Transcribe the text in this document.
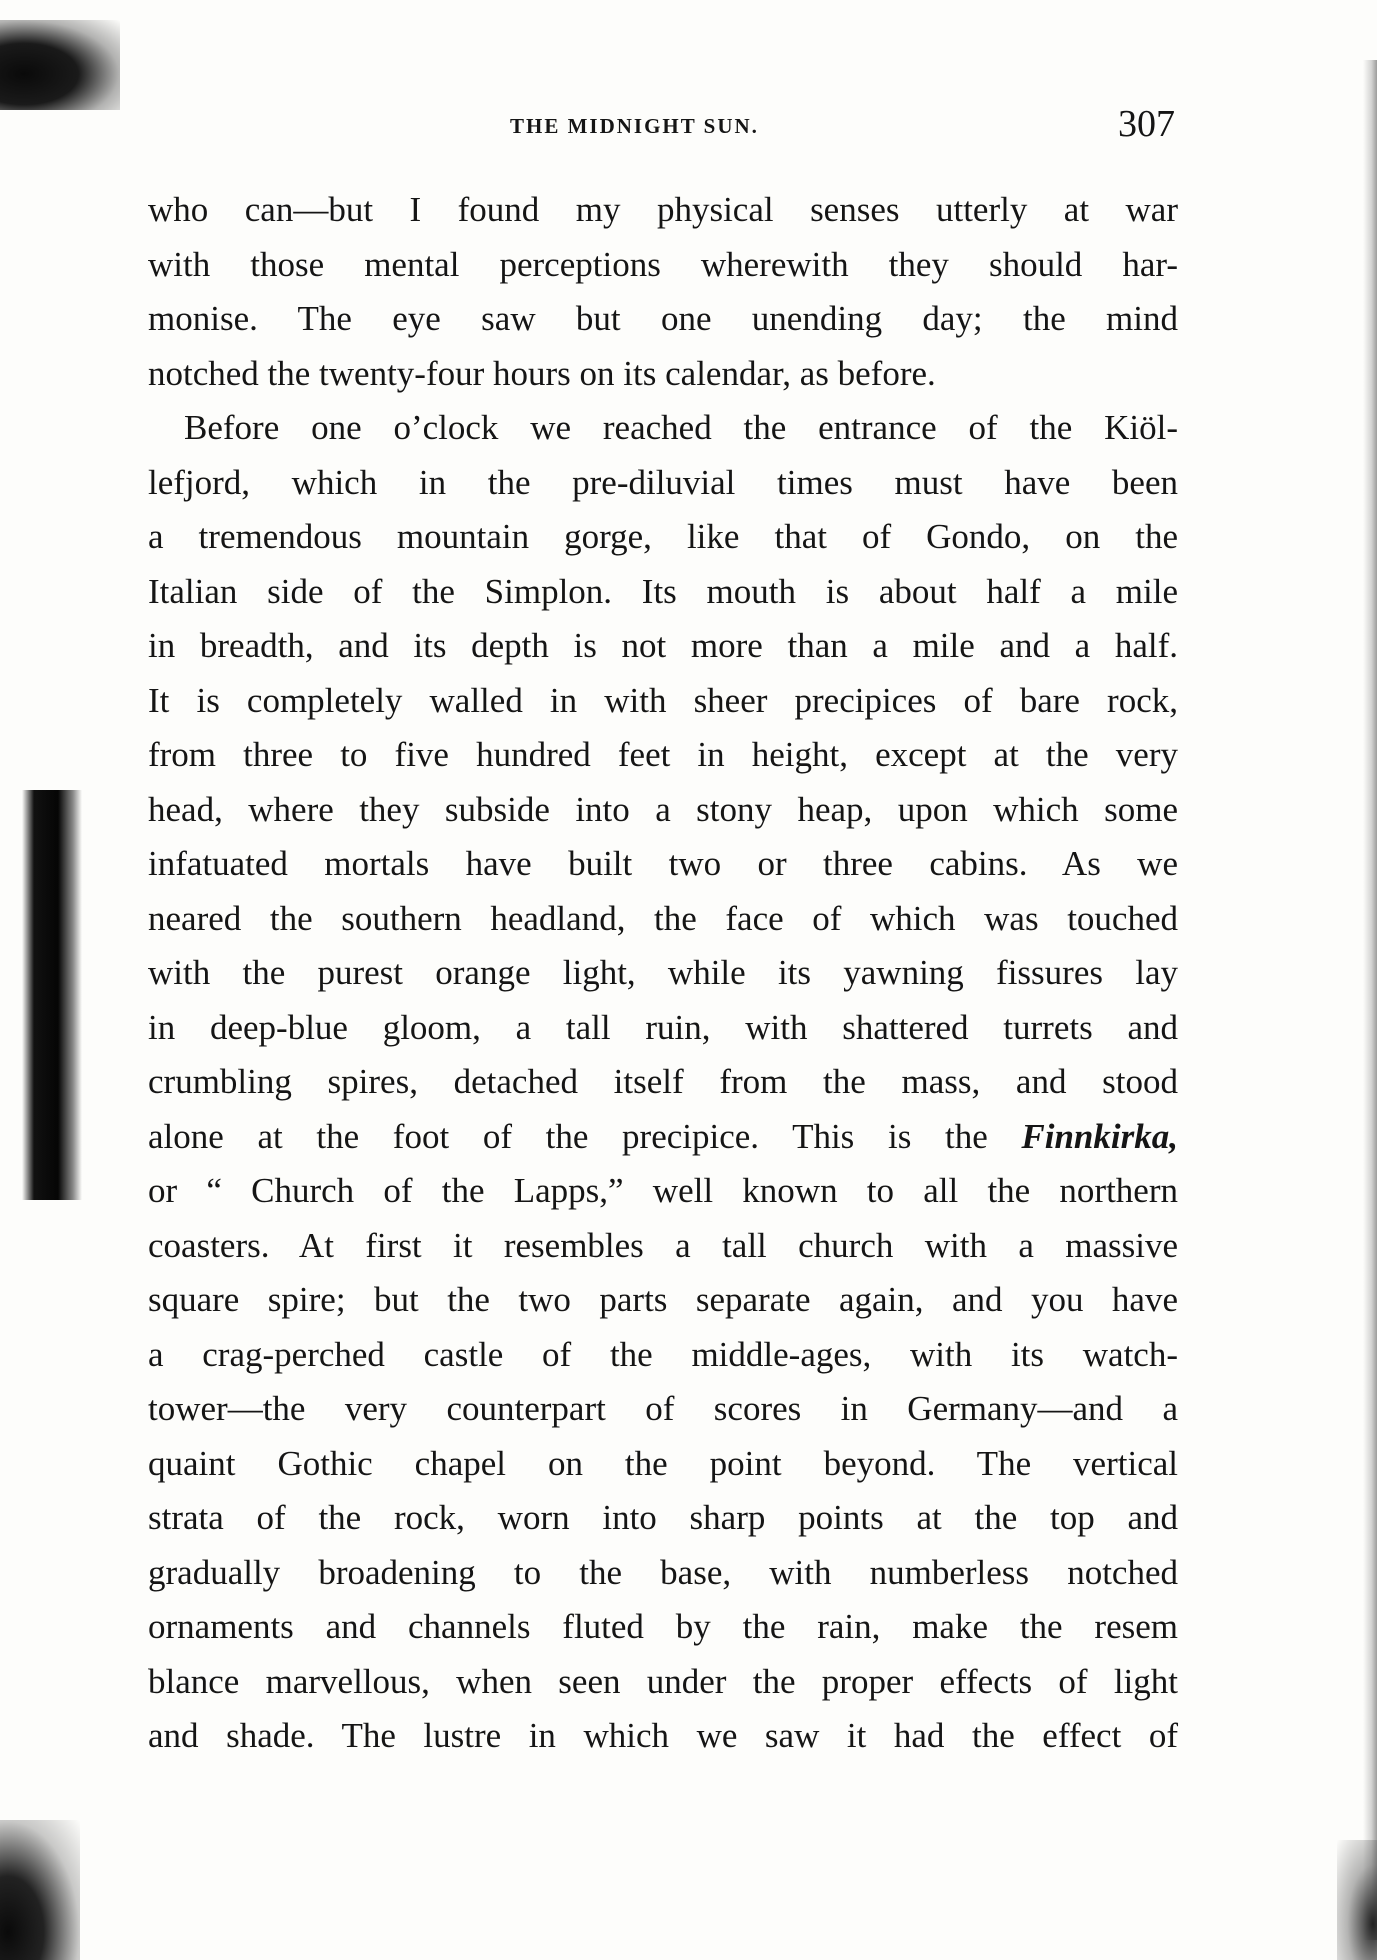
THE MIDNIGHT SUN.	307
who can—but I found my physical senses utterly at war
with those mental perceptions wherewith they should har-
monise. The eye saw but one unending day; the mind
notched the twenty-four hours on its calendar, as before.
Before one o’clock we reached the entrance of the Kiöl-
lefjord, which in the pre-diluvial times must have been
a tremendous mountain gorge, like that of Gondo, on the
Italian side of the Simplon. Its mouth is about half a mile
in breadth, and its depth is not more than a mile and a half.
It is completely walled in with sheer precipices of bare rock,
from three to five hundred feet in height, except at the very
head, where they subside into a stony heap, upon which some
infatuated mortals have built two or three cabins. As we
neared the southern headland, the face of which was touched
with the purest orange light, while its yawning fissures lay
in deep-blue gloom, a tall ruin, with shattered turrets and
crumbling spires, detached itself from the mass, and stood
alone at the foot of the precipice. This is the Finnkirka,
or “ Church of the Lapps,” well known to all the northern
coasters. At first it resembles a tall church with a massive
square spire; but the two parts separate again, and you have
a crag-perched castle of the middle-ages, with its watch-
tower—the very counterpart of scores in Germany—and a
quaint Gothic chapel on the point beyond. The vertical
strata of the rock, worn into sharp points at the top and
gradually broadening to the base, with numberless notched
ornaments and channels fluted by the rain, make the resem
blance marvellous, when seen under the proper effects of light
and shade. The lustre in which we saw it had the effect of
